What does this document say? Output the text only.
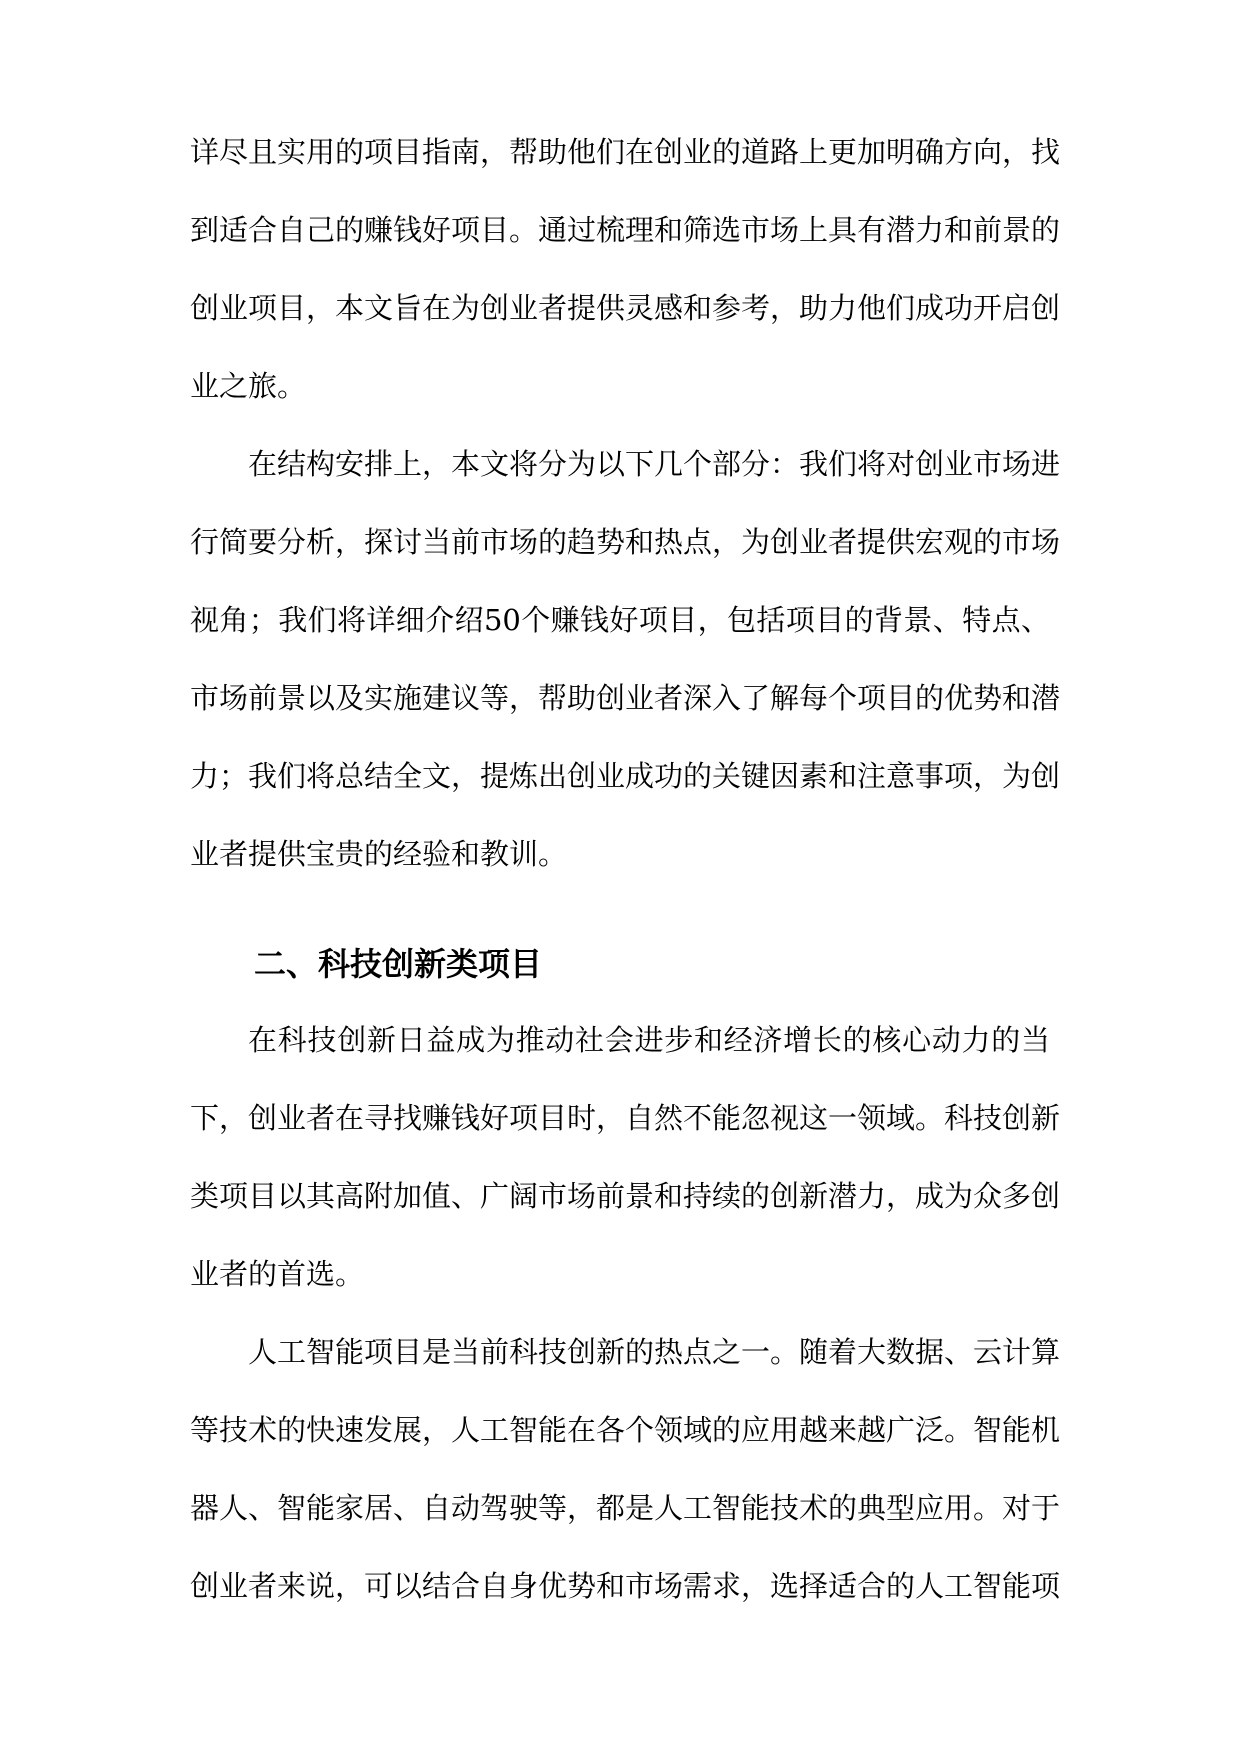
详尽且实用的项目指南，帮助他们在创业的道路上更加明确方向，找
到适合自己的赚钱好项目。通过梳理和筛选市场上具有潜力和前景的
创业项目，本文旨在为创业者提供灵感和参考，助力他们成功开启创
业之旅。
在结构安排上，本文将分为以下几个部分：我们将对创业市场进
行简要分析，探讨当前市场的趋势和热点，为创业者提供宏观的市场
视角；我们将详细介绍50个赚钱好项目，包括项目的背景、特点、
市场前景以及实施建议等，帮助创业者深入了解每个项目的优势和潜
力；我们将总结全文，提炼出创业成功的关键因素和注意事项，为创
业者提供宝贵的经验和教训。
二、科技创新类项目
在科技创新日益成为推动社会进步和经济增长的核心动力的当
下，创业者在寻找赚钱好项目时，自然不能忽视这一领域。科技创新
类项目以其高附加值、广阔市场前景和持续的创新潜力，成为众多创
业者的首选。
人工智能项目是当前科技创新的热点之一。随着大数据、云计算
等技术的快速发展，人工智能在各个领域的应用越来越广泛。智能机
器人、智能家居、自动驾驶等，都是人工智能技术的典型应用。对于
创业者来说，可以结合自身优势和市场需求，选择适合的人工智能项
